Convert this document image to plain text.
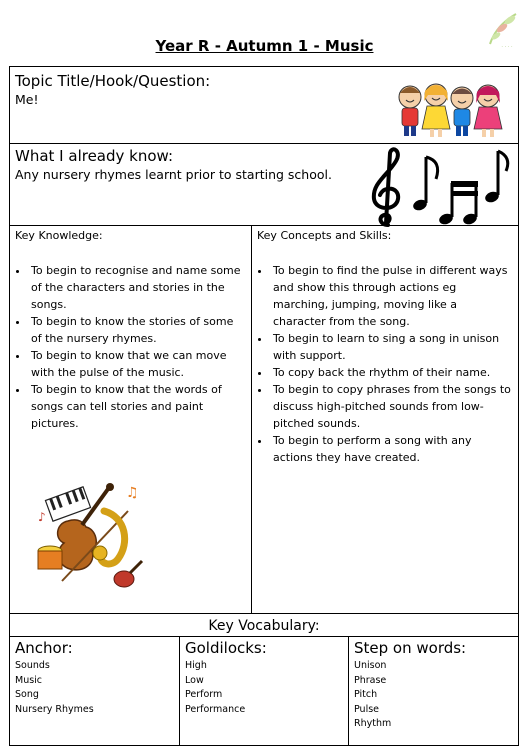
· · · ·
Year R - Autumn 1 - Music
Topic Title/Hook/Question:
Me!
What I already know:
Any nursery rhymes learnt prior to starting school.
Key Knowledge:
• To begin to recognise and name some of the characters and stories in the songs.
• To begin to know the stories of some of the nursery rhymes.
• To begin to know that we can move with the pulse of the music.
• To begin to know that the words of songs can tell stories and paint pictures.
♫
♪
Key Concepts and Skills:
• To begin to find the pulse in different ways and show this through actions eg marching, jumping, moving like a character from the song.
• To begin to learn to sing a song in unison with support.
• To copy back the rhythm of their name.
• To begin to copy phrases from the songs to discuss high-pitched sounds from low-pitched sounds.
• To begin to perform a song with any actions they have created.
Key Vocabulary:
Anchor:
Sounds
Music
Song
Nursery Rhymes
Goldilocks:
High
Low
Perform
Performance
Step on words:
Unison
Phrase
Pitch
Pulse
Rhythm
